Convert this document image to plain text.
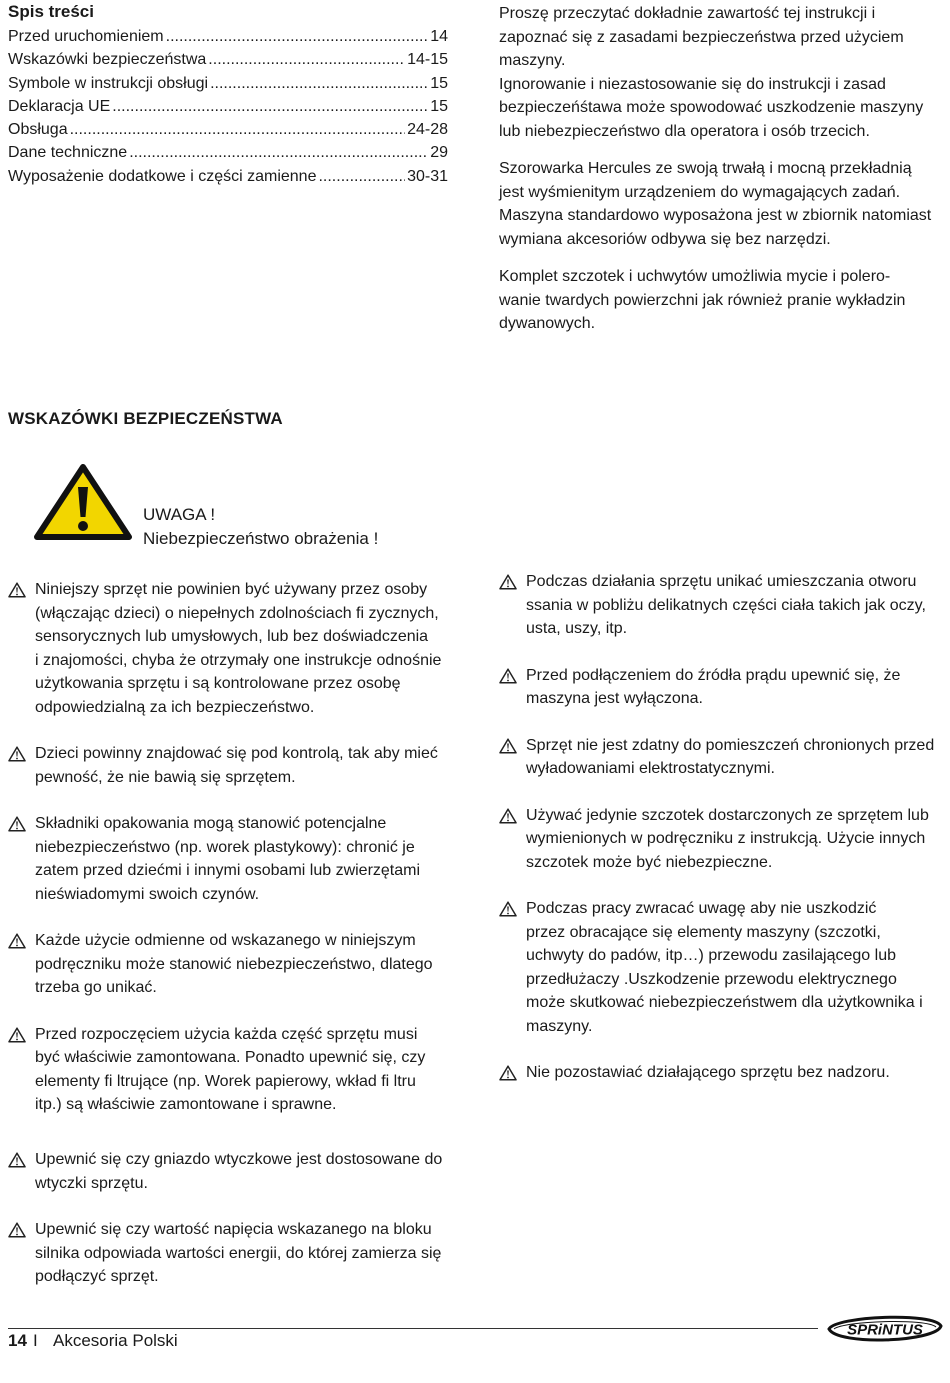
Spis treści
Przed uruchomieniem .....	14
Wskazówki bezpieczeństwa .....	14-15
Symbole w instrukcji obsługi .....	15
Deklaracja UE .....	15
Obsługa .....	24-28
Dane techniczne .....	29
Wyposażenie dodatkowe i części zamienne .....	30-31

Proszę przeczytać dokładnie zawartość tej instrukcji i
zapoznać się z zasadami bezpieczeństwa przed użyciem
maszyny.
Ignorowanie i niezastosowanie się do instrukcji i zasad
bezpieczeńśtawa może spowodować uszkodzenie maszyny
lub niebezpieczeństwo dla operatora i osób trzecich.

Szorowarka Hercules ze swoją trwałą i mocną przekładnią
jest wyśmienitym urządzeniem do wymagających zadań.
Maszyna standardowo wyposażona jest w zbiornik natomiast
wymiana akcesoriów odbywa się bez narzędzi.

Komplet szczotek i uchwytów umożliwia mycie i polero-
wanie twardych powierzchni jak również pranie wykładzin
dywanowych.

WSKAZÓWKI BEZPIECZEŃSTWA
UWAGA !
Niebezpieczeństwo obrażenia !
Niniejszy sprzęt nie powinien być używany przez osoby
(włączając dzieci) o niepełnych zdolnościach fi zycznych,
sensorycznych lub umysłowych, lub bez doświadczenia
i znajomości, chyba że otrzymały one instrukcje odnośnie
użytkowania sprzętu i są kontrolowane przez osobę
odpowiedzialną za ich bezpieczeństwo.
Dzieci powinny znajdować się pod kontrolą, tak aby mieć
pewność, że nie bawią się sprzętem.
Składniki opakowania mogą stanowić potencjalne
niebezpieczeństwo (np. worek plastykowy): chronić je
zatem przed dziećmi i innymi osobami lub zwierzętami
nieświadomymi swoich czynów.
Każde użycie odmienne od wskazanego w niniejszym
podręczniku może stanowić niebezpieczeństwo, dlatego
trzeba go unikać.
Przed rozpoczęciem użycia każda część sprzętu musi
być właściwie zamontowana. Ponadto upewnić się, czy
elementy fi ltrujące (np. Worek papierowy, wkład fi ltru
itp.) są właściwie zamontowane i sprawne.
Podczas działania sprzętu unikać umieszczania otworu
ssania w pobliżu delikatnych części ciała takich jak oczy,
usta, uszy, itp.
Przed podłączeniem do źródła prądu upewnić się, że
maszyna jest wyłączona.
Sprzęt nie jest zdatny do pomieszczeń chronionych przed
wyładowaniami elektrostatycznymi.
Używać jedynie szczotek dostarczonych ze sprzętem lub
wymienionych w podręczniku z instrukcją. Użycie innych
szczotek może być niebezpieczne.
Podczas pracy zwracać uwagę aby nie uszkodzić
przez obracające się elementy maszyny (szczotki,
uchwyty do padów, itp…) przewodu zasilającego lub
przedłużaczy .Uszkodzenie przewodu elektrycznego
może skutkować niebezpieczeństwem dla użytkownika i
maszyny.
Nie pozostawiać działającego sprzętu bez nadzoru.
Upewnić się czy gniazdo wtyczkowe jest dostosowane do
wtyczki sprzętu.
Upewnić się czy wartość napięcia wskazanego na bloku
silnika odpowiada wartości energii, do której zamierza się
podłączyć sprzęt.
14 I Akcesoria Polski
SPRiNTUS
